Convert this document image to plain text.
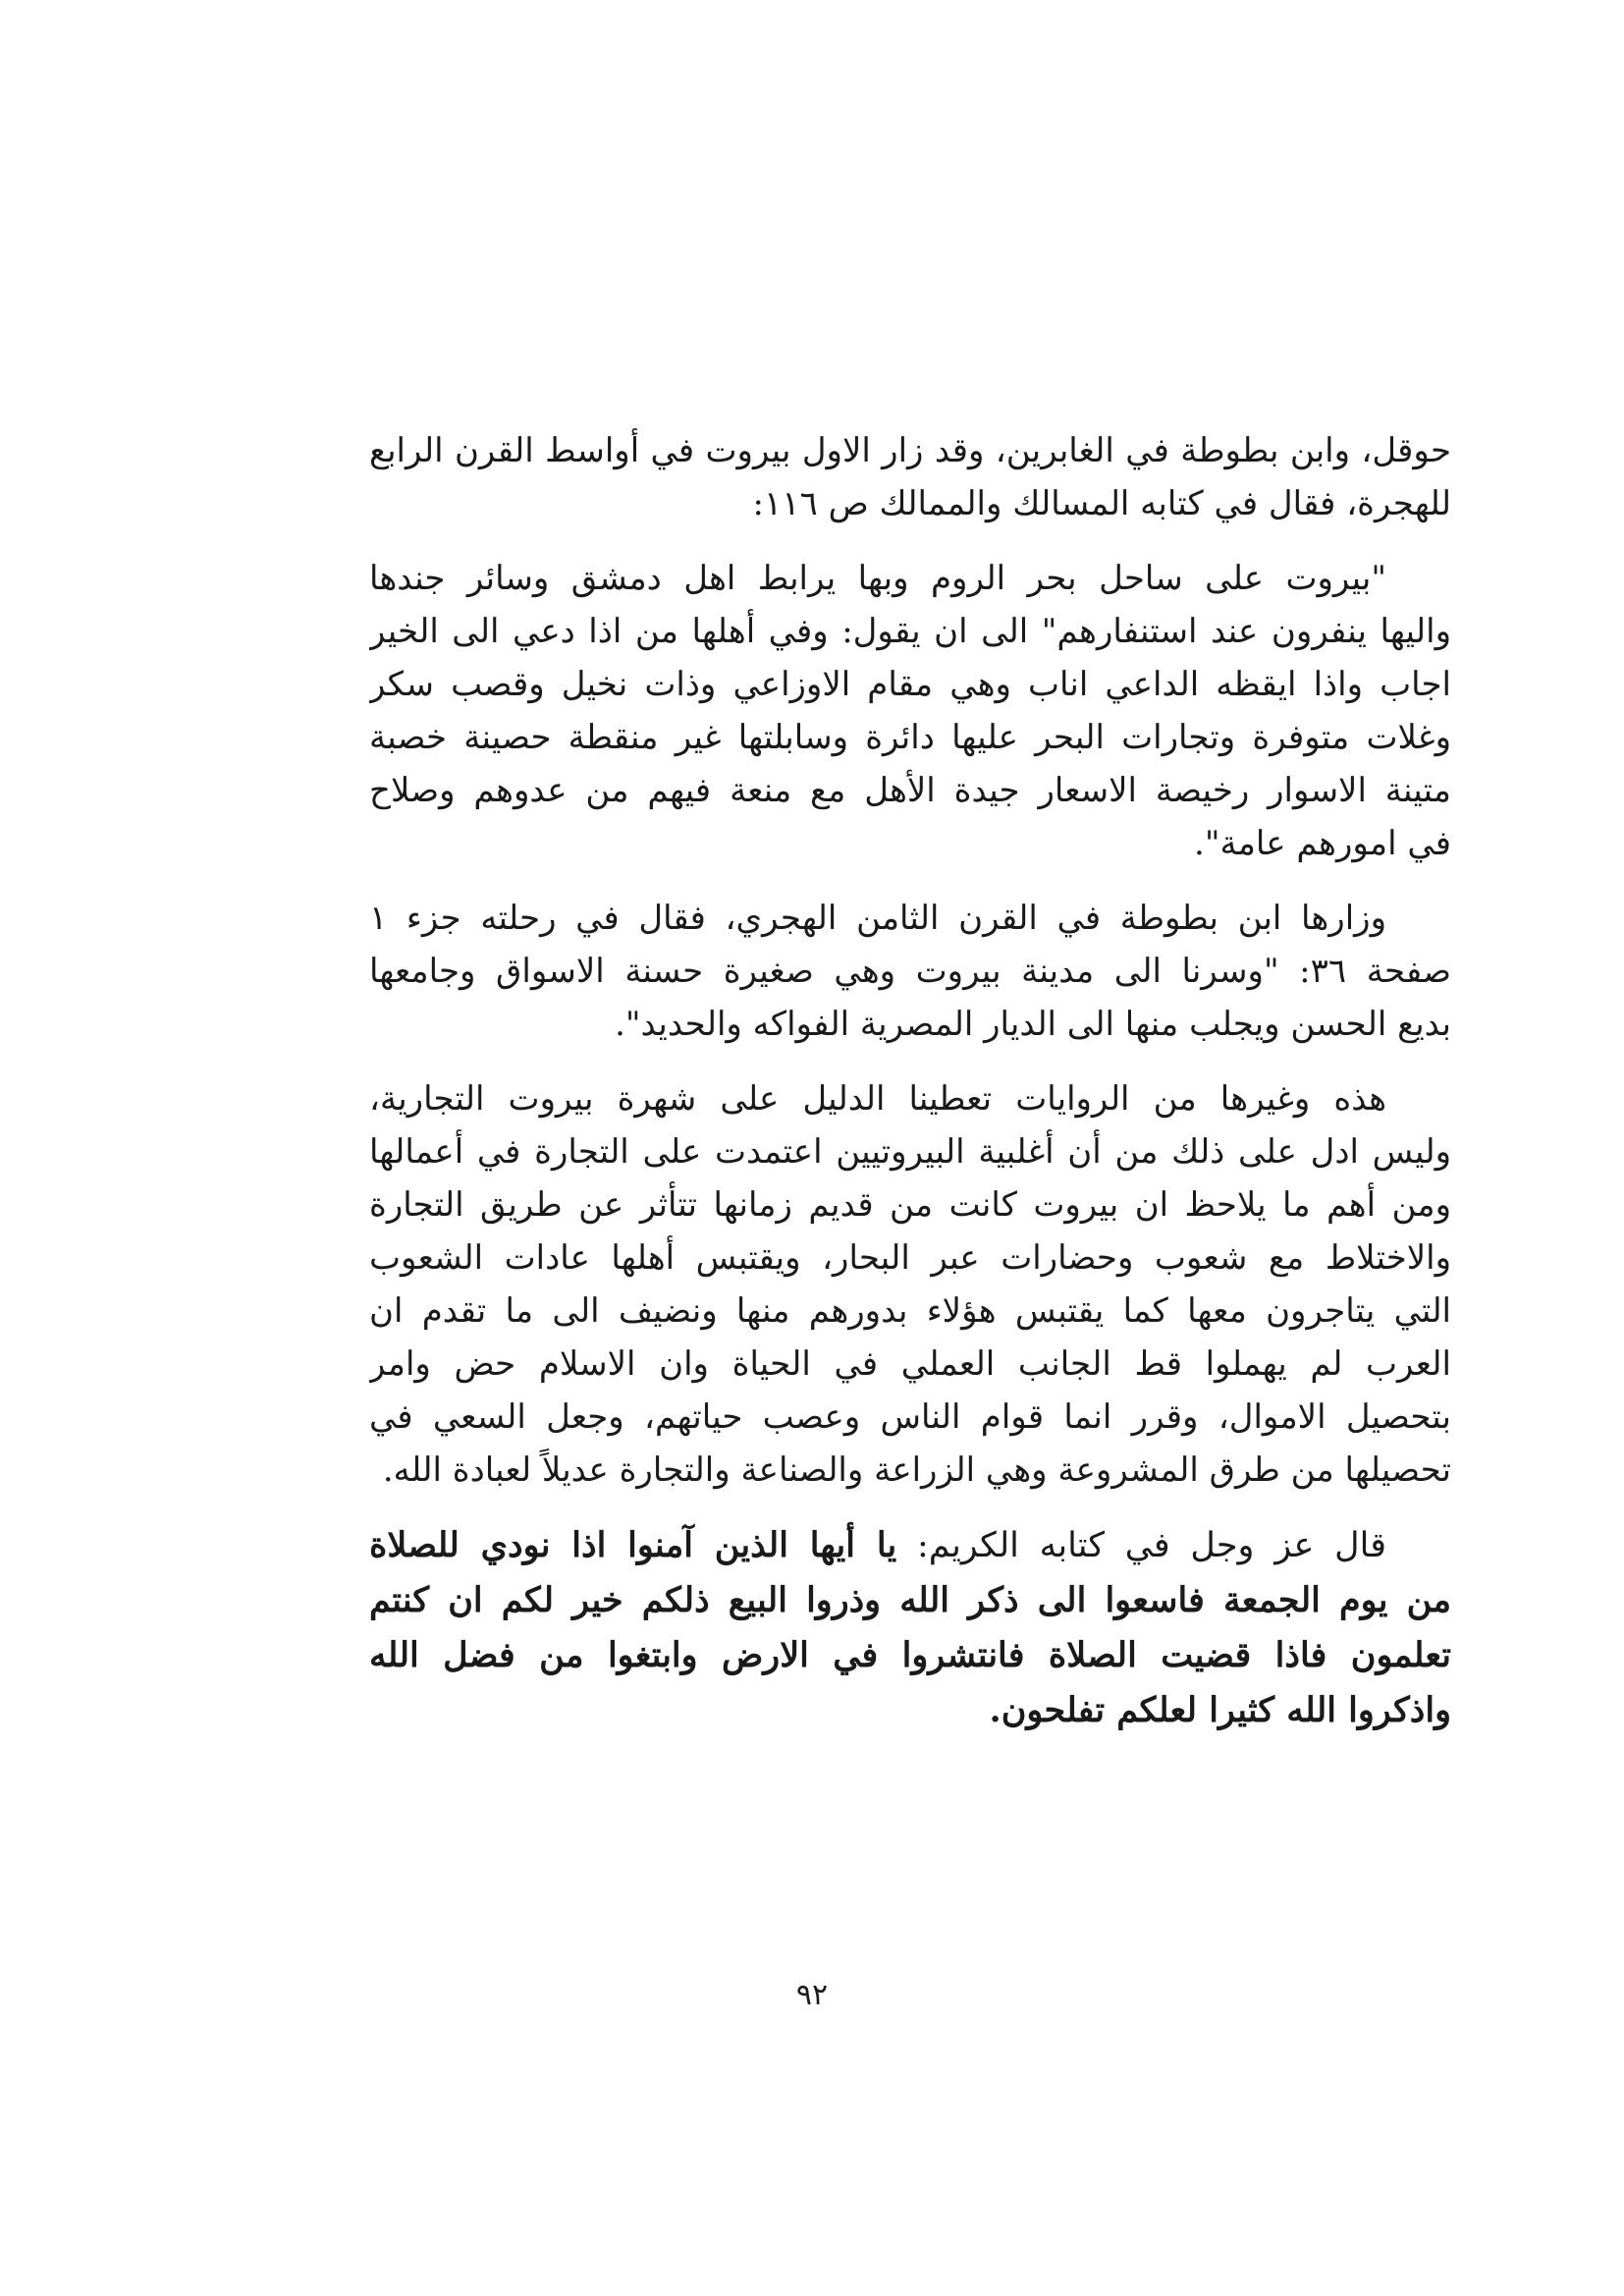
حوقل، وابن بطوطة في الغابرين، وقد زار الاول بيروت في أواسط القرن الرابع
للهجرة، فقال في كتابه المسالك والممالك ص ١١٦:
"بيروت على ساحل بحر الروم وبها يرابط اهل دمشق وسائر جندها
واليها ينفرون عند استنفارهم" الى ان يقول: وفي أهلها من اذا دعي الى الخير
اجاب واذا ايقظه الداعي اناب وهي مقام الاوزاعي وذات نخيل وقصب سكر
وغلات متوفرة وتجارات البحر عليها دائرة وسابلتها غير منقطة حصينة خصبة
متينة الاسوار رخيصة الاسعار جيدة الأهل مع منعة فيهم من عدوهم وصلاح
في امورهم عامة".
وزارها ابن بطوطة في القرن الثامن الهجري، فقال في رحلته جزء ١
صفحة ٣٦: "وسرنا الى مدينة بيروت وهي صغيرة حسنة الاسواق وجامعها
بديع الحسن ويجلب منها الى الديار المصرية الفواكه والحديد".
هذه وغيرها من الروايات تعطينا الدليل على شهرة بيروت التجارية،
وليس ادل على ذلك من أن أغلبية البيروتيين اعتمدت على التجارة في أعمالها
ومن أهم ما يلاحظ ان بيروت كانت من قديم زمانها تتأثر عن طريق التجارة
والاختلاط مع شعوب وحضارات عبر البحار، ويقتبس أهلها عادات الشعوب
التي يتاجرون معها كما يقتبس هؤلاء بدورهم منها ونضيف الى ما تقدم ان
العرب لم يهملوا قط الجانب العملي في الحياة وان الاسلام حض وامر
بتحصيل الاموال، وقرر انما قوام الناس وعصب حياتهم، وجعل السعي في
تحصيلها من طرق المشروعة وهي الزراعة والصناعة والتجارة عديلاً لعبادة الله.
قال عز وجل في كتابه الكريم: يا أيها الذين آمنوا اذا نودي للصلاة
من يوم الجمعة فاسعوا الى ذكر الله وذروا البيع ذلكم خير لكم ان كنتم
تعلمون فاذا قضيت الصلاة فانتشروا في الارض وابتغوا من فضل الله
واذكروا الله كثيرا لعلكم تفلحون.
٩٢
